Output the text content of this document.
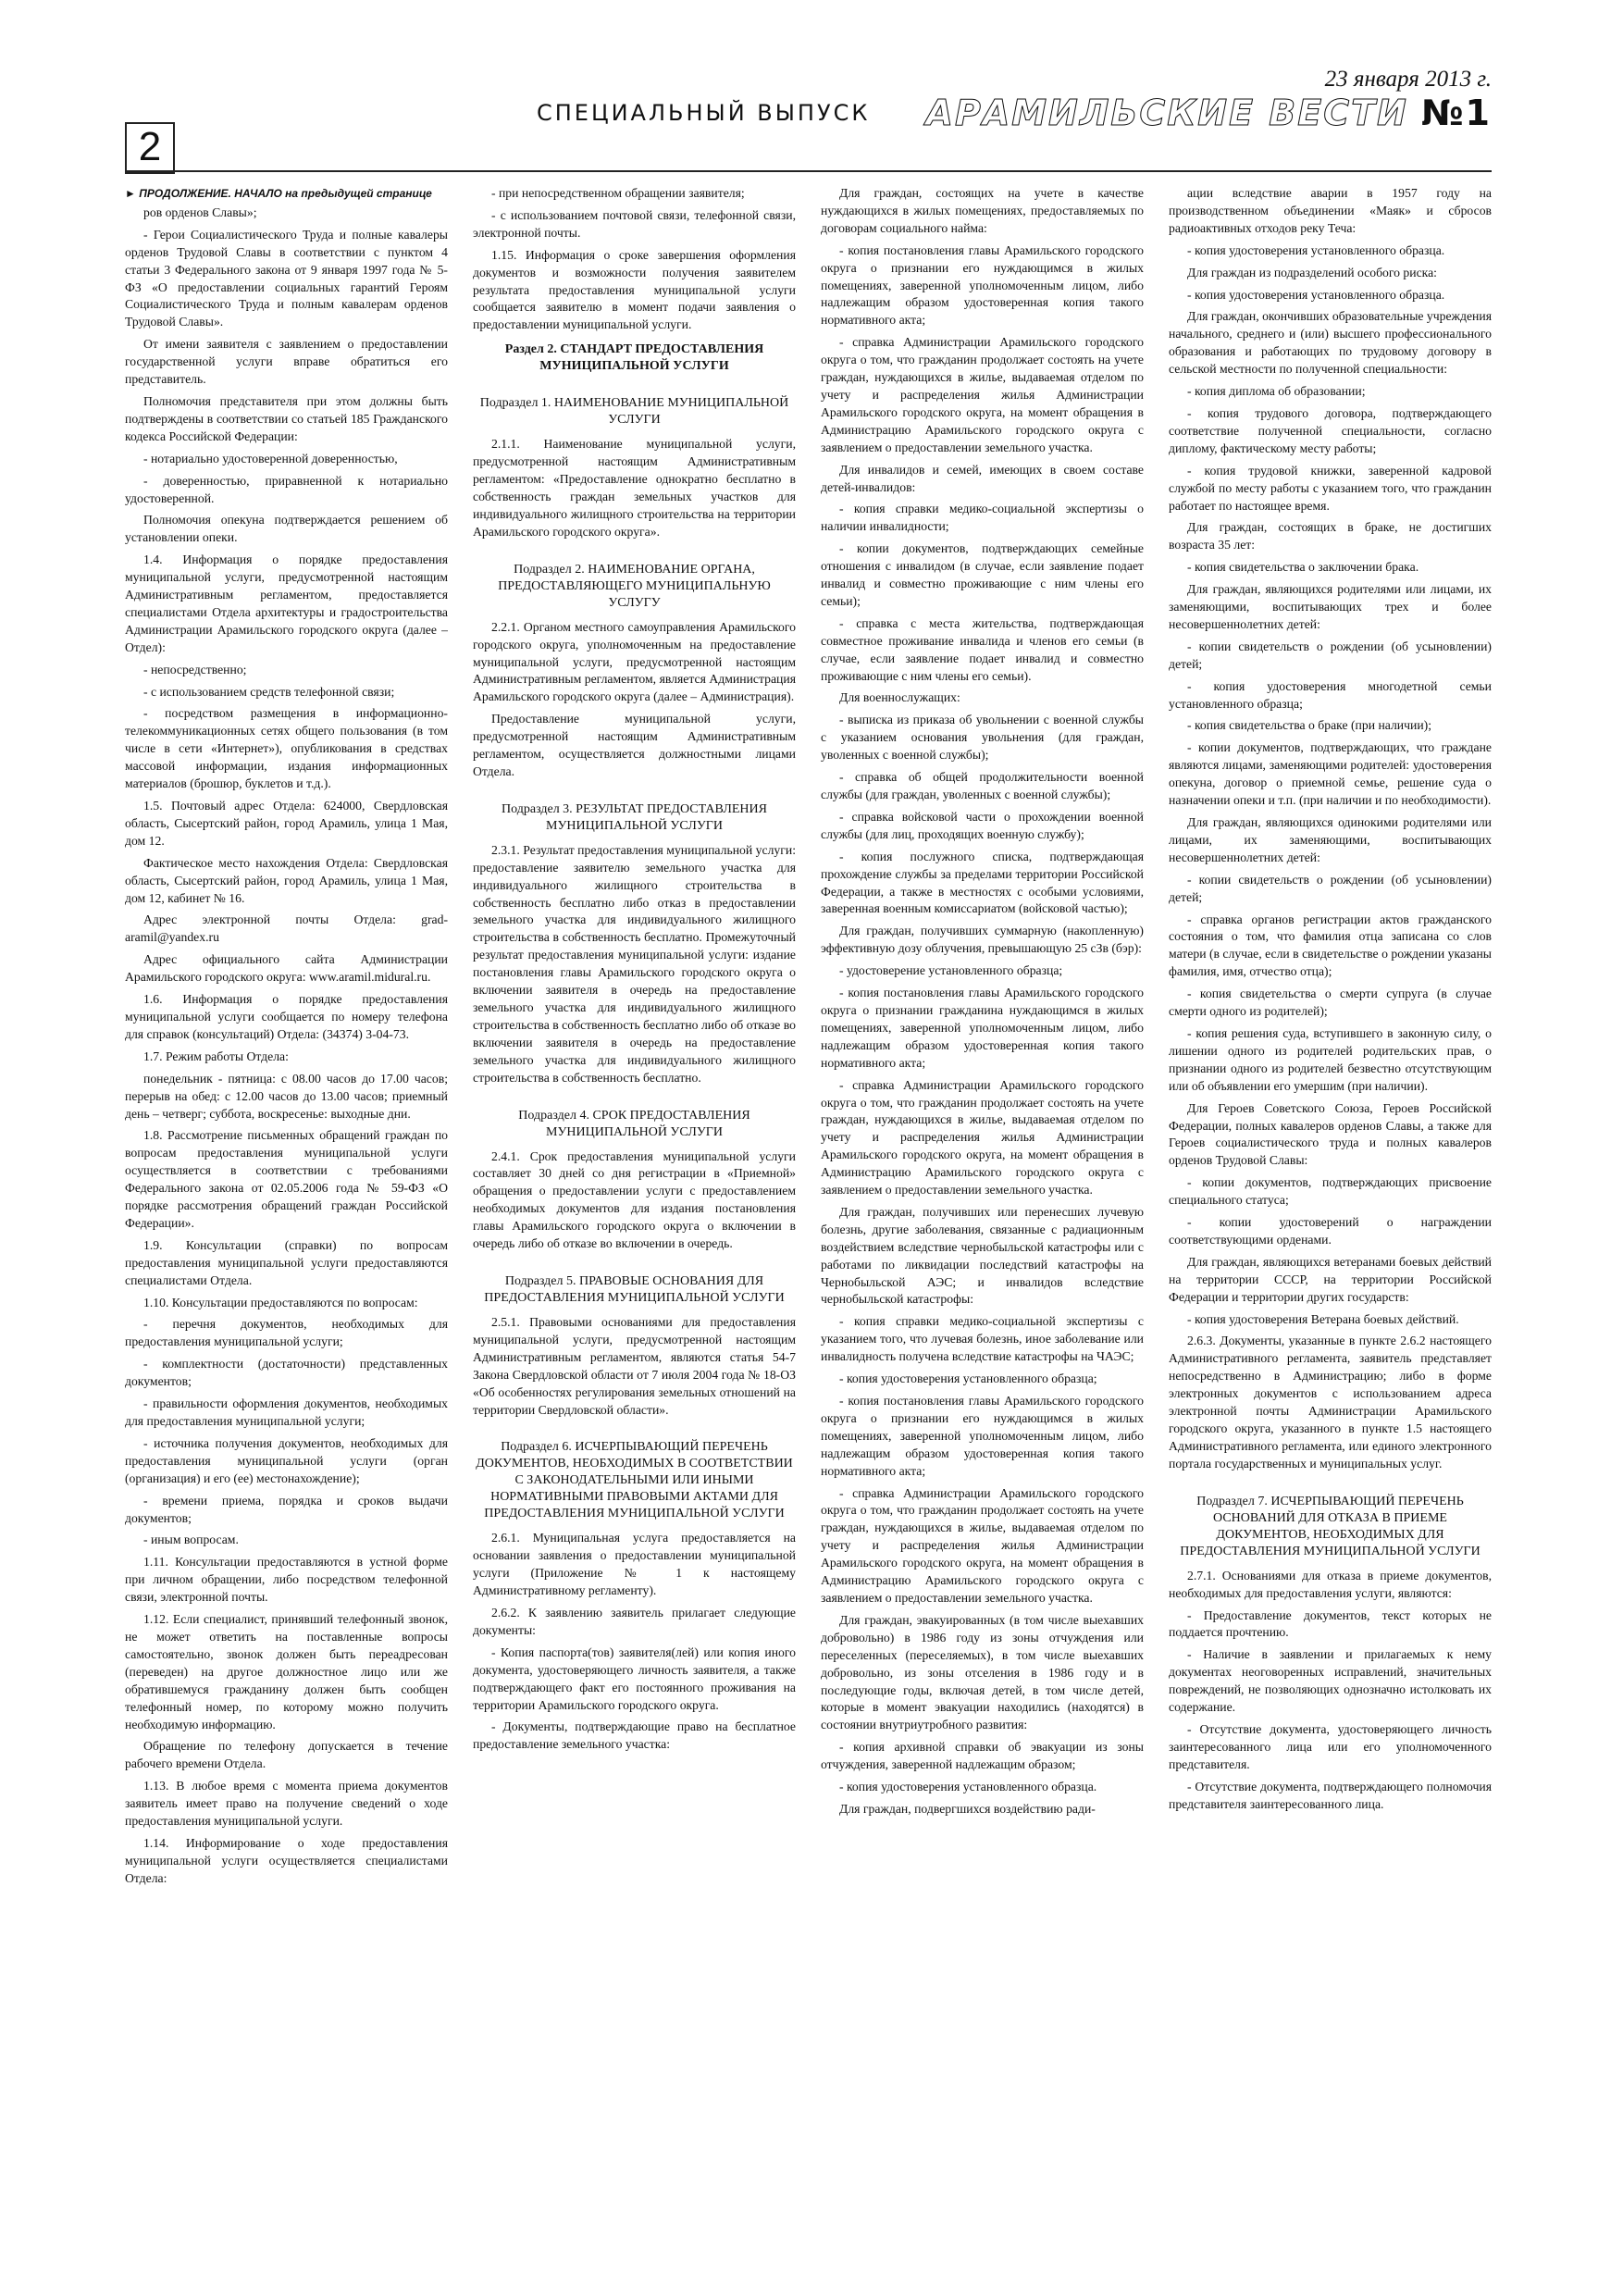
2
СПЕЦИАЛЬНЫЙ ВЫПУСК
23 января 2013 г.
АРАМИЛЬСКИЕ ВЕСТИ №1
► ПРОДОЛЖЕНИЕ. НАЧАЛО на предыдущей странице

ров орденов Славы»;

- Герои Социалистического Труда и полные кавалеры орденов Трудовой Славы в соответствии с пунктом 4 статьи 3 Федерального закона от 9 января 1997 года № 5-ФЗ «О предоставлении социальных гарантий Героям Социалистического Труда и полным кавалерам орденов Трудовой Славы».

От имени заявителя с заявлением о предоставлении государственной услуги вправе обратиться его представитель.

Полномочия представителя при этом должны быть подтверждены в соответствии со статьей 185 Гражданского кодекса Российской Федерации:

- нотариально удостоверенной доверенностью,

- доверенностью, приравненной к нотариально удостоверенной.

Полномочия опекуна подтверждается решением об установлении опеки.

1.4. Информация о порядке предоставления муниципальной услуги, предусмотренной настоящим Административным регламентом, предоставляется специалистами Отдела архитектуры и градостроительства Администрации Арамильского городского округа (далее – Отдел):

- непосредственно;

- с использованием средств телефонной связи;

- посредством размещения в информационно-телекоммуникационных сетях общего пользования (в том числе в сети «Интернет»), опубликования в средствах массовой информации, издания информационных материалов (брошюр, буклетов и т.д.).

1.5. Почтовый адрес Отдела: 624000, Свердловская область, Сысертский район, город Арамиль, улица 1 Мая, дом 12.

Фактическое место нахождения Отдела: Свердловская область, Сысертский район, город Арамиль, улица 1 Мая, дом 12, кабинет № 16.

Адрес электронной почты Отдела: grad-aramil@yandex.ru

Адрес официального сайта Администрации Арамильского городского округа: www.aramil.midural.ru.

1.6. Информация о порядке предоставления муниципальной услуги сообщается по номеру телефона для справок (консультаций) Отдела: (34374) 3-04-73.

1.7. Режим работы Отдела:

понедельник - пятница: с 08.00 часов до 17.00 часов; перерыв на обед: с 12.00 часов до 13.00 часов; приемный день – четверг; суббота, воскресенье: выходные дни.

1.8. Рассмотрение письменных обращений граждан по вопросам предоставления муниципальной услуги осуществляется в соответствии с требованиями Федерального закона от 02.05.2006 года № 59-ФЗ «О порядке рассмотрения обращений граждан Российской Федерации».

1.9. Консультации (справки) по вопросам предоставления муниципальной услуги предоставляются специалистами Отдела.

1.10. Консультации предоставляются по вопросам:

- перечня документов, необходимых для предоставления муниципальной услуги;

- комплектности (достаточности) представленных документов;

- правильности оформления документов, необходимых для предоставления муниципальной услуги;

- источника получения документов, необходимых для предоставления муниципальной услуги (орган (организация) и его (ее) местонахождение);

- времени приема, порядка и сроков выдачи документов;

- иным вопросам.

1.11. Консультации предоставляются в устной форме при личном обращении, либо посредством телефонной связи, электронной почты.

1.12. Если специалист, принявший телефонный звонок, не может ответить на поставленные вопросы самостоятельно, звонок должен быть переадресован (переведен) на другое должностное лицо или же обратившемуся гражданину должен быть сообщен телефонный номер, по которому можно получить необходимую информацию.

Обращение по телефону допускается в течение рабочего времени Отдела.

1.13. В любое время с момента приема документов заявитель имеет право на получение сведений о ходе предоставления муниципальной услуги.

1.14. Информирование о ходе предоставления муниципальной услуги осуществляется специалистами Отдела:

- при непосредственном обращении заявителя;

- с использованием почтовой связи, телефонной связи, электронной почты.

1.15. Информация о сроке завершения оформления документов и возможности получения заявителем результата предоставления муниципальной услуги сообщается заявителю в момент подачи заявления о предоставлении муниципальной услуги.

Раздел 2. СТАНДАРТ ПРЕДОСТАВЛЕНИЯ МУНИЦИПАЛЬНОЙ УСЛУГИ
Подраздел 1. НАИМЕНОВАНИЕ МУНИЦИПАЛЬНОЙ УСЛУГИ

2.1.1. Наименование муниципальной услуги, предусмотренной настоящим Административным регламентом: «Предоставление однократно бесплатно в собственность граждан земельных участков для индивидуального жилищного строительства на территории Арамильского городского округа».

Подраздел 2. НАИМЕНОВАНИЕ ОРГАНА, ПРЕДОСТАВЛЯЮЩЕГО МУНИЦИПАЛЬНУЮ УСЛУГУ

2.2.1. Органом местного самоуправления Арамильского городского округа, уполномоченным на предоставление муниципальной услуги, предусмотренной настоящим Административным регламентом, является Администрация Арамильского городского округа (далее – Администрация).

Предоставление муниципальной услуги, предусмотренной настоящим Административным регламентом, осуществляется должностными лицами Отдела.

Подраздел 3. РЕЗУЛЬТАТ ПРЕДОСТАВЛЕНИЯ МУНИЦИПАЛЬНОЙ УСЛУГИ

2.3.1. Результат предоставления муниципальной услуги: предоставление заявителю земельного участка для индивидуального жилищного строительства в собственность бесплатно либо отказ в предоставлении земельного участка для индивидуального жилищного строительства в собственность бесплатно. Промежуточный результат предоставления муниципальной услуги: издание постановления главы Арамильского городского округа о включении заявителя в очередь на предоставление земельного участка для индивидуального жилищного строительства в собственность бесплатно либо об отказе во включении заявителя в очередь на предоставление земельного участка для индивидуального жилищного строительства в собственность бесплатно.

Подраздел 4. СРОК ПРЕДОСТАВЛЕНИЯ МУНИЦИПАЛЬНОЙ УСЛУГИ

2.4.1. Срок предоставления муниципальной услуги составляет 30 дней со дня регистрации в «Приемной» обращения о предоставлении услуги с предоставлением необходимых документов для издания постановления главы Арамильского городского округа о включении в очередь либо об отказе во включении в очередь.

Подраздел 5. ПРАВОВЫЕ ОСНОВАНИЯ ДЛЯ ПРЕДОСТАВЛЕНИЯ МУНИЦИПАЛЬНОЙ УСЛУГИ

2.5.1. Правовыми основаниями для предоставления муниципальной услуги, предусмотренной настоящим Административным регламентом, являются статья 54-7 Закона Свердловской области от 7 июля 2004 года № 18-ОЗ «Об особенностях регулирования земельных отношений на территории Свердловской области».

Подраздел 6. ИСЧЕРПЫВАЮЩИЙ ПЕРЕЧЕНЬ ДОКУМЕНТОВ, НЕОБХОДИМЫХ В СООТВЕТСТВИИ С ЗАКОНОДАТЕЛЬНЫМИ ИЛИ ИНЫМИ НОРМАТИВНЫМИ ПРАВОВЫМИ АКТАМИ ДЛЯ ПРЕДОСТАВЛЕНИЯ МУНИЦИПАЛЬНОЙ УСЛУГИ

2.6.1. Муниципальная услуга предоставляется на основании заявления о предоставлении муниципальной услуги (Приложение № 1 к настоящему Административному регламенту).

2.6.2. К заявлению заявитель прилагает следующие документы:

- Копия паспорта(тов) заявителя(лей) или копия иного документа, удостоверяющего личность заявителя, а также подтверждающего факт его постоянного проживания на территории Арамильского городского округа.

- Документы, подтверждающие право на бесплатное предоставление земельного участка:

Для граждан, состоящих на учете в качестве нуждающихся в жилых помещениях, предоставляемых по договорам социального найма:

- копия постановления главы Арамильского городского округа о признании его нуждающимся в жилых помещениях, заверенной уполномоченным лицом, либо надлежащим образом удостоверенная копия такого нормативного акта;

- справка Администрации Арамильского городского округа о том, что гражданин продолжает состоять на учете граждан, нуждающихся в жилье, выдаваемая отделом по учету и распределения жилья Администрации Арамильского городского округа, на момент обращения в Администрацию Арамильского городского округа с заявлением о предоставлении земельного участка.

Для инвалидов и семей, имеющих в своем составе детей-инвалидов:

- копия справки медико-социальной экспертизы о наличии инвалидности;

- копии документов, подтверждающих семейные отношения с инвалидом (в случае, если заявление подает инвалид и совместно проживающие с ним члены его семьи);

- справка с места жительства, подтверждающая совместное проживание инвалида и членов его семьи (в случае, если заявление подает инвалид и совместно проживающие с ним члены его семьи).

Для военнослужащих:

- выписка из приказа об увольнении с военной службы с указанием основания увольнения (для граждан, уволенных с военной службы);

- справка об общей продолжительности военной службы (для граждан, уволенных с военной службы);

- справка войсковой части о прохождении военной службы (для лиц, проходящих военную службу);

- копия послужного списка, подтверждающая прохождение службы за пределами территории Российской Федерации, а также в местностях с особыми условиями, заверенная военным комиссариатом (войсковой частью);

Для граждан, получивших суммарную (накопленную) эффективную дозу облучения, превышающую 25 сЗв (бэр):

- удостоверение установленного образца;

- копия постановления главы Арамильского городского округа о признании гражданина нуждающимся в жилых помещениях, заверенной уполномоченным лицом, либо надлежащим образом удостоверенная копия такого нормативного акта;

- справка Администрации Арамильского городского округа о том, что гражданин продолжает состоять на учете граждан, нуждающихся в жилье, выдаваемая отделом по учету и распределения жилья Администрации Арамильского городского округа, на момент обращения в Администрацию Арамильского городского округа с заявлением о предоставлении земельного участка.

Для граждан, получивших или перенесших лучевую болезнь, другие заболевания, связанные с радиационным воздействием вследствие чернобыльской катастрофы или с работами по ликвидации последствий катастрофы на Чернобыльской АЭС; и инвалидов вследствие чернобыльской катастрофы:

- копия справки медико-социальной экспертизы с указанием того, что лучевая болезнь, иное заболевание или инвалидность получена вследствие катастрофы на ЧАЭС;

- копия удостоверения установленного образца;

- копия постановления главы Арамильского городского округа о признании его нуждающимся в жилых помещениях, заверенной уполномоченным лицом, либо надлежащим образом удостоверенная копия такого нормативного акта;

- справка Администрации Арамильского городского округа о том, что гражданин продолжает состоять на учете граждан, нуждающихся в жилье, выдаваемая отделом по учету и распределения жилья Администрации Арамильского городского округа, на момент обращения в Администрацию Арамильского городского округа с заявлением о предоставлении земельного участка.

Для граждан, эвакуированных (в том числе выехавших добровольно) в 1986 году из зоны отчуждения или переселенных (переселяемых), в том числе выехавших добровольно, из зоны отселения в 1986 году и в последующие годы, включая детей, в том числе детей, которые в момент эвакуации находились (находятся) в состоянии внутриутробного развития:

- копия архивной справки об эвакуации из зоны отчуждения, заверенной надлежащим образом;

- копия удостоверения установленного образца.

Для граждан, подвергшихся воздействию ради-

ации вследствие аварии в 1957 году на производственном объединении «Маяк» и сбросов радиоактивных отходов реку Теча:

- копия удостоверения установленного образца.

Для граждан из подразделений особого риска:

- копия удостоверения установленного образца.

Для граждан, окончивших образовательные учреждения начального, среднего и (или) высшего профессионального образования и работающих по трудовому договору в сельской местности по полученной специальности:

- копия диплома об образовании;

- копия трудового договора, подтверждающего соответствие полученной специальности, согласно диплому, фактическому месту работы;

- копия трудовой книжки, заверенной кадровой службой по месту работы с указанием того, что гражданин работает по настоящее время.

Для граждан, состоящих в браке, не достигших возраста 35 лет:

- копия свидетельства о заключении брака.

Для граждан, являющихся родителями или лицами, их заменяющими, воспитывающих трех и более несовершеннолетних детей:

- копии свидетельств о рождении (об усыновлении) детей;

- копия удостоверения многодетной семьи установленного образца;

- копия свидетельства о браке (при наличии);

- копии документов, подтверждающих, что граждане являются лицами, заменяющими родителей: удостоверения опекуна, договор о приемной семье, решение суда о назначении опеки и т.п. (при наличии и по необходимости).

Для граждан, являющихся одинокими родителями или лицами, их заменяющими, воспитывающих несовершеннолетних детей:

- копии свидетельств о рождении (об усыновлении) детей;

- справка органов регистрации актов гражданского состояния о том, что фамилия отца записана со слов матери (в случае, если в свидетельстве о рождении указаны фамилия, имя, отчество отца);

- копия свидетельства о смерти супруга (в случае смерти одного из родителей);

- копия решения суда, вступившего в законную силу, о лишении одного из родителей родительских прав, о признании одного из родителей безвестно отсутствующим или об объявлении его умершим (при наличии).

Для Героев Советского Союза, Героев Российской Федерации, полных кавалеров орденов Славы, а также для Героев социалистического труда и полных кавалеров орденов Трудовой Славы:

- копии документов, подтверждающих присвоение специального статуса;

- копии удостоверений о награждении соответствующими орденами.

Для граждан, являющихся ветеранами боевых действий на территории СССР, на территории Российской Федерации и территории других государств:

- копия удостоверения Ветерана боевых действий.

2.6.3. Документы, указанные в пункте 2.6.2 настоящего Административного регламента, заявитель представляет непосредственно в Администрацию; либо в форме электронных документов с использованием адреса электронной почты Администрации Арамильского городского округа, указанного в пункте 1.5 настоящего Административного регламента, или единого электронного портала государственных и муниципальных услуг.

Подраздел 7. ИСЧЕРПЫВАЮЩИЙ ПЕРЕЧЕНЬ ОСНОВАНИЙ ДЛЯ ОТКАЗА В ПРИЕМЕ ДОКУМЕНТОВ, НЕОБХОДИМЫХ ДЛЯ ПРЕДОСТАВЛЕНИЯ МУНИЦИПАЛЬНОЙ УСЛУГИ

2.7.1. Основаниями для отказа в приеме документов, необходимых для предоставления услуги, являются:

- Предоставление документов, текст которых не поддается прочтению.

- Наличие в заявлении и прилагаемых к нему документах неоговоренных исправлений, значительных повреждений, не позволяющих однозначно истолковать их содержание.

- Отсутствие документа, удостоверяющего личность заинтересованного лица или его уполномоченного представителя.

- Отсутствие документа, подтверждающего полномочия представителя заинтересованного лица.
